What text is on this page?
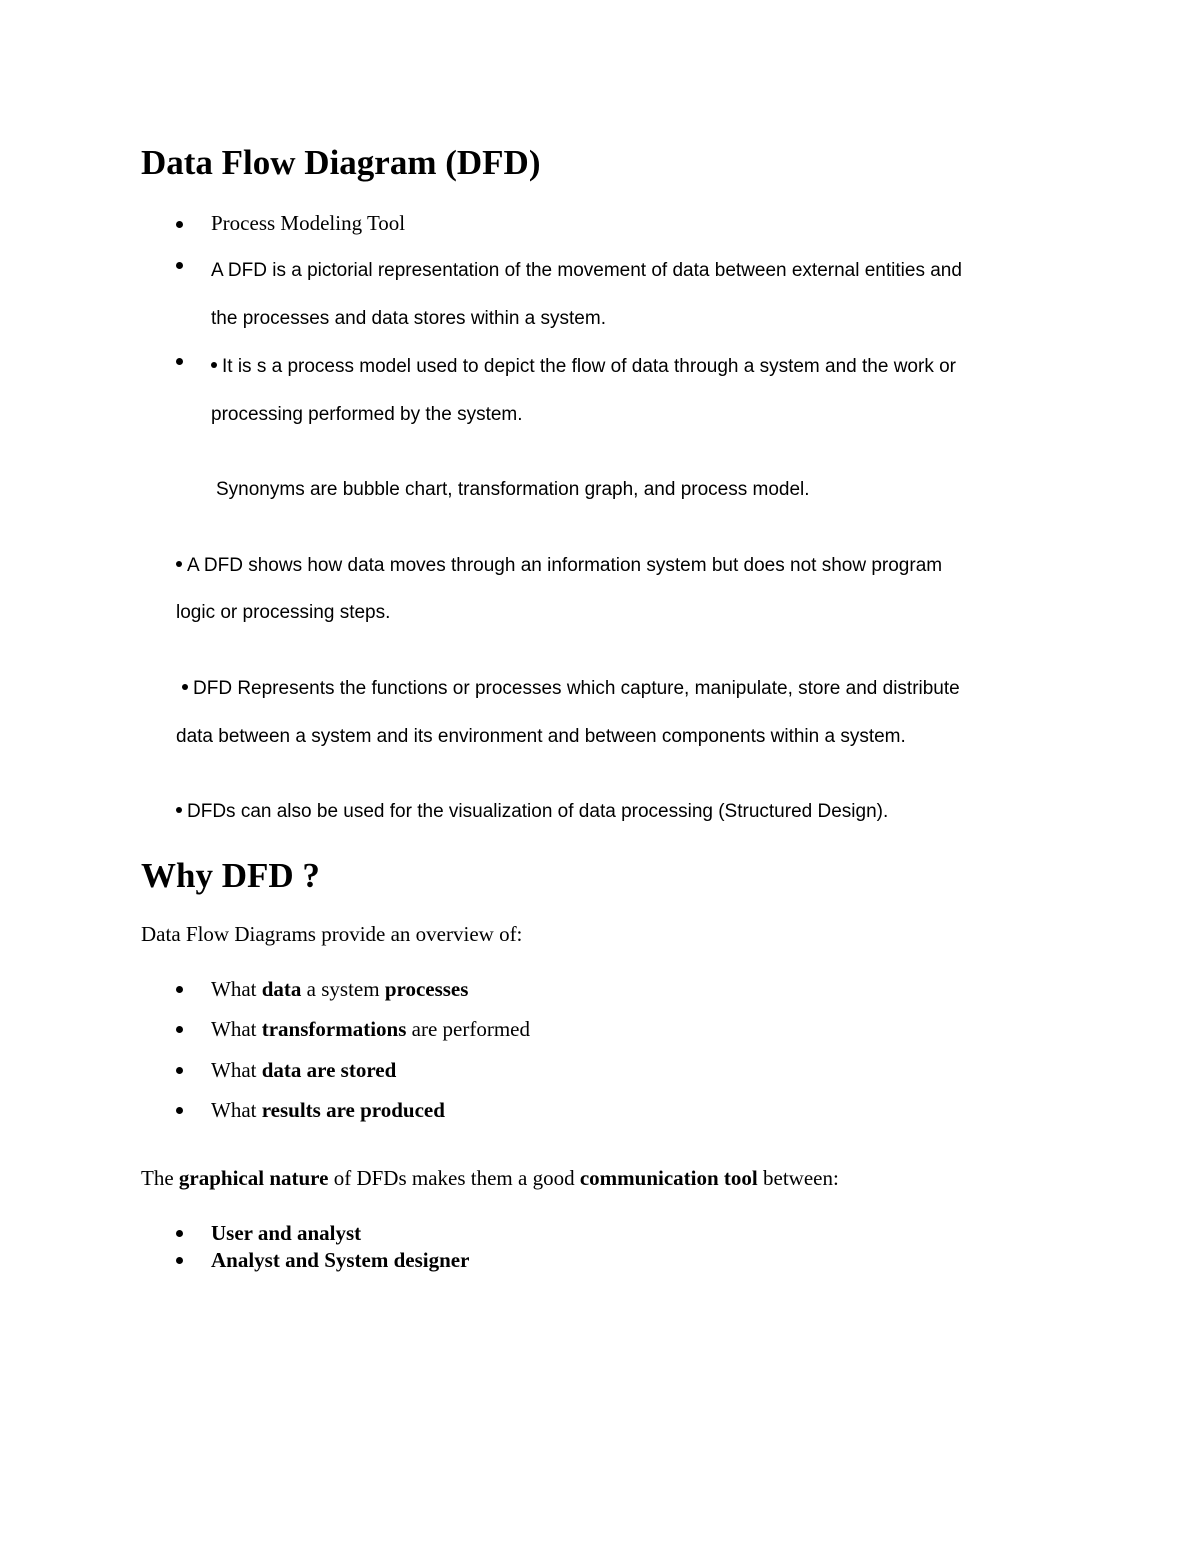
Data Flow Diagram (DFD)
Process Modeling Tool
A DFD is a pictorial representation of the movement of data between external entities and
the processes and data stores within a system.
It is s a process model used to depict the flow of data through a system and the work or
processing performed by the system.
Synonyms are bubble chart, transformation graph, and process model.
A DFD shows how data moves through an information system but does not show program
logic or processing steps.
DFD Represents the functions or processes which capture, manipulate, store and distribute
data between a system and its environment and between components within a system.
DFDs can also be used for the visualization of data processing (Structured Design).
Why DFD ?
Data Flow Diagrams provide an overview of:
What data a system processes
What transformations are performed
What data are stored
What results are produced
The graphical nature of DFDs makes them a good communication tool between:
User and analyst
Analyst and System designer
